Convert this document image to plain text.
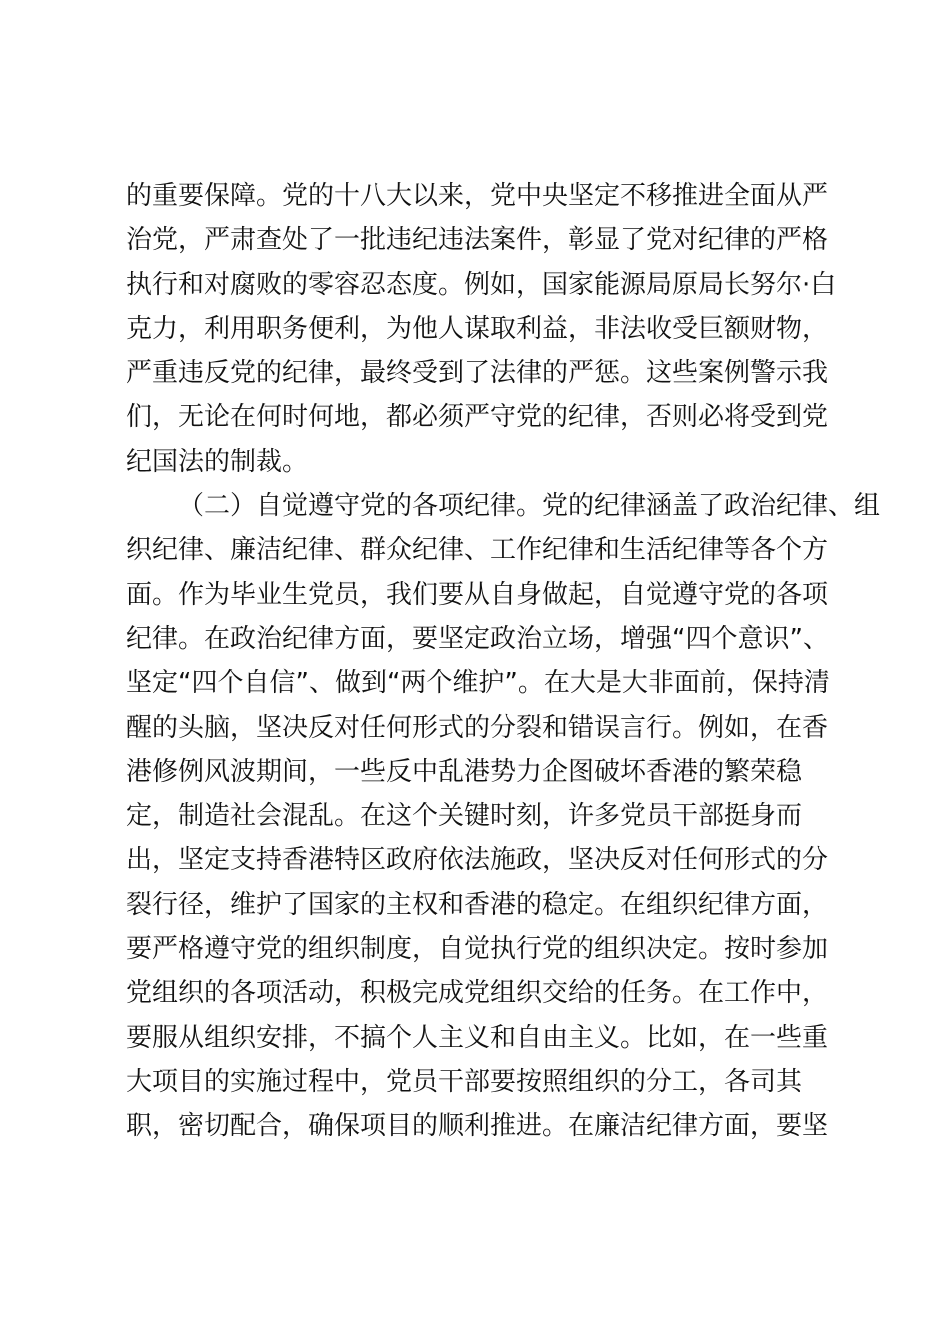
的重要保障。党的十八大以来，党中央坚定不移推进全面从严
治党，严肃查处了一批违纪违法案件，彰显了党对纪律的严格
执行和对腐败的零容忍态度。例如，国家能源局原局长努尔·白
克力，利用职务便利，为他人谋取利益，非法收受巨额财物，
严重违反党的纪律，最终受到了法律的严惩。这些案例警示我
们，无论在何时何地，都必须严守党的纪律，否则必将受到党
纪国法的制裁。
（二）自觉遵守党的各项纪律。党的纪律涵盖了政治纪律、组
织纪律、廉洁纪律、群众纪律、工作纪律和生活纪律等各个方
面。作为毕业生党员，我们要从自身做起，自觉遵守党的各项
纪律。在政治纪律方面，要坚定政治立场，增强“四个意识”、
坚定“四个自信”、做到“两个维护”。在大是大非面前，保持清
醒的头脑，坚决反对任何形式的分裂和错误言行。例如，在香
港修例风波期间，一些反中乱港势力企图破坏香港的繁荣稳
定，制造社会混乱。在这个关键时刻，许多党员干部挺身而
出，坚定支持香港特区政府依法施政，坚决反对任何形式的分
裂行径，维护了国家的主权和香港的稳定。在组织纪律方面，
要严格遵守党的组织制度，自觉执行党的组织决定。按时参加
党组织的各项活动，积极完成党组织交给的任务。在工作中，
要服从组织安排，不搞个人主义和自由主义。比如，在一些重
大项目的实施过程中，党员干部要按照组织的分工，各司其
职，密切配合，确保项目的顺利推进。在廉洁纪律方面，要坚
